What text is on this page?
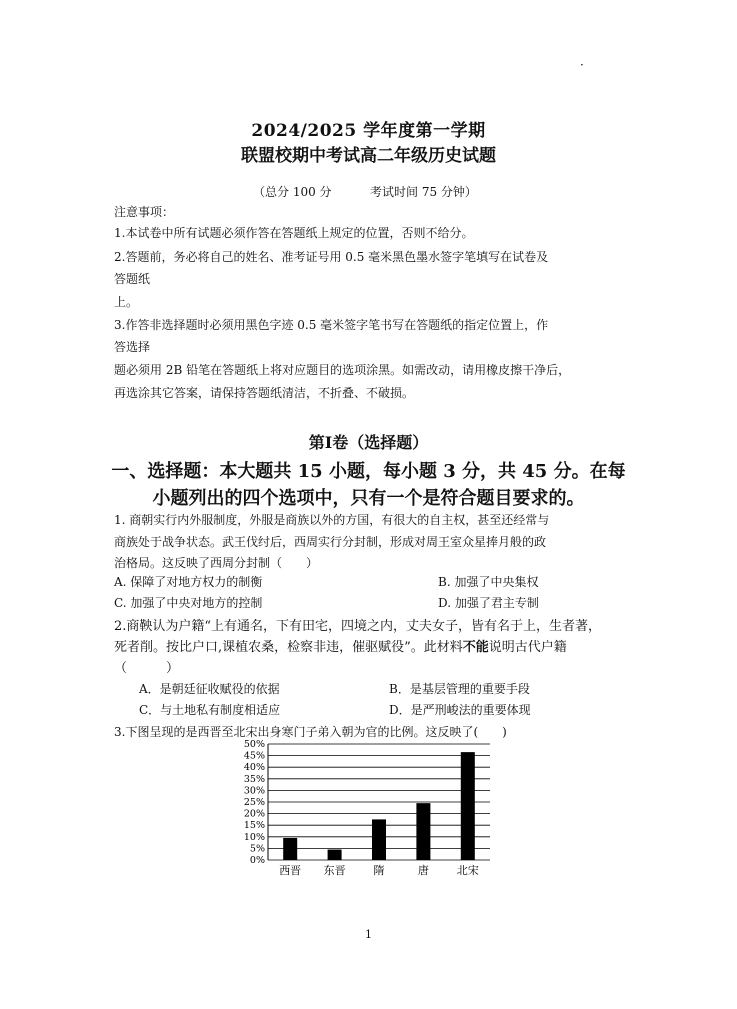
·
2024/2025 学年度第一学期
联盟校期中考试高二年级历史试题
（总分 100 分	考试时间 75 分钟）
注意事项：
1.本试卷中所有试题必须作答在答题纸上规定的位置，否则不给分。
2.答题前，务必将自己的姓名、准考证号用 0.5 毫米黑色墨水签字笔填写在试卷及
答题纸
上。
3.作答非选择题时必须用黑色字迹 0.5 毫米签字笔书写在答题纸的指定位置上，作
答选择
题必须用 2B 铅笔在答题纸上将对应题目的选项涂黑。如需改动，请用橡皮擦干净后，
再选涂其它答案，请保持答题纸清洁，不折叠、不破损。
第Ⅰ卷（选择题）
一、选择题：本大题共 15 小题，每小题 3 分，共 45 分。在每
小题列出的四个选项中，只有一个是符合题目要求的。
1. 商朝实行内外服制度，外服是商族以外的方国，有很大的自主权，甚至还经常与
商族处于战争状态。武王伐纣后，西周实行分封制，形成对周王室众星捧月般的政
治格局。这反映了西周分封制（　　）
A. 保障了对地方权力的制衡	B. 加强了中央集权
C. 加强了中央对地方的控制	D. 加强了君主专制
2.商鞅认为户籍“上有通名，下有田宅，四境之内，丈夫女子，皆有名于上，生者著，
死者削。按比户口,课植农桑，检察非违，催驱赋役”。此材料不能说明古代户籍
（　　　）
A．是朝廷征收赋役的依据	B．是基层管理的重要手段
C．与土地私有制度相适应	D．是严刑峻法的重要体现
3.下图呈现的是西晋至北宋出身寒门子弟入朝为官的比例。这反映了(　　)
0%
5%
10%
15%
20%
25%
30%
35%
40%
45%
50%
西晋 东晋	隋	唐	北宋
1
